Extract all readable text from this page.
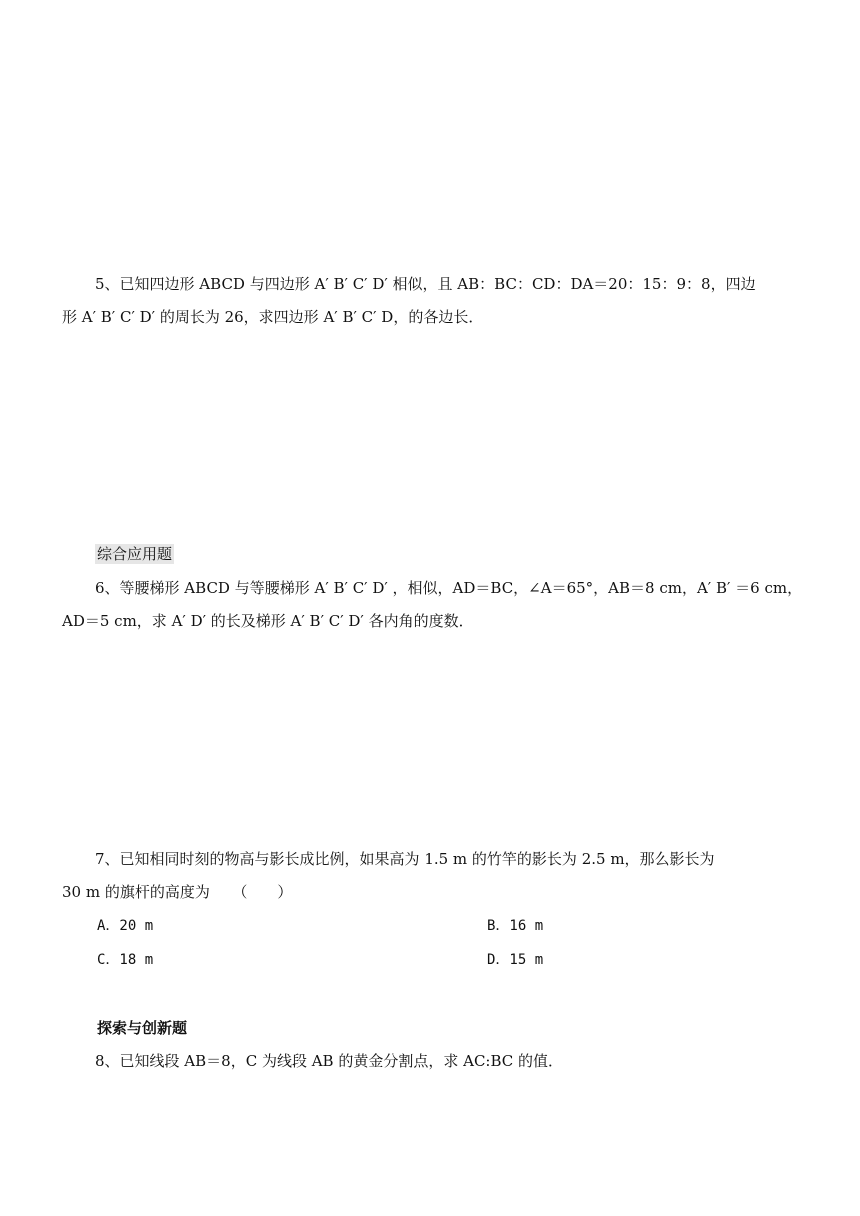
5、已知四边形 ABCD 与四边形 A′ B′ C′ D′ 相似，且 AB：BC：CD：DA＝20：15：9：8，四边
形 A′ B′ C′ D′ 的周长为 26，求四边形 A′ B′ C′ D，的各边长．
综合应用题
6、等腰梯形 ABCD 与等腰梯形 A′ B′ C′ D′ ，相似，AD＝BC，∠A＝65°，AB＝8 cm，A′ B′ ＝6 cm，
AD＝5 cm，求 A′ D′ 的长及梯形 A′ B′ C′ D′ 各内角的度数．
7、已知相同时刻的物高与影长成比例，如果高为 1.5 m 的竹竿的影长为 2.5 m，那么影长为
30 m 的旗杆的高度为　　（　　）
A．20 m	B．16 m
C．18 m	D．15 m
探索与创新题
8、已知线段 AB＝8，C 为线段 AB 的黄金分割点，求 AC:BC 的值．
